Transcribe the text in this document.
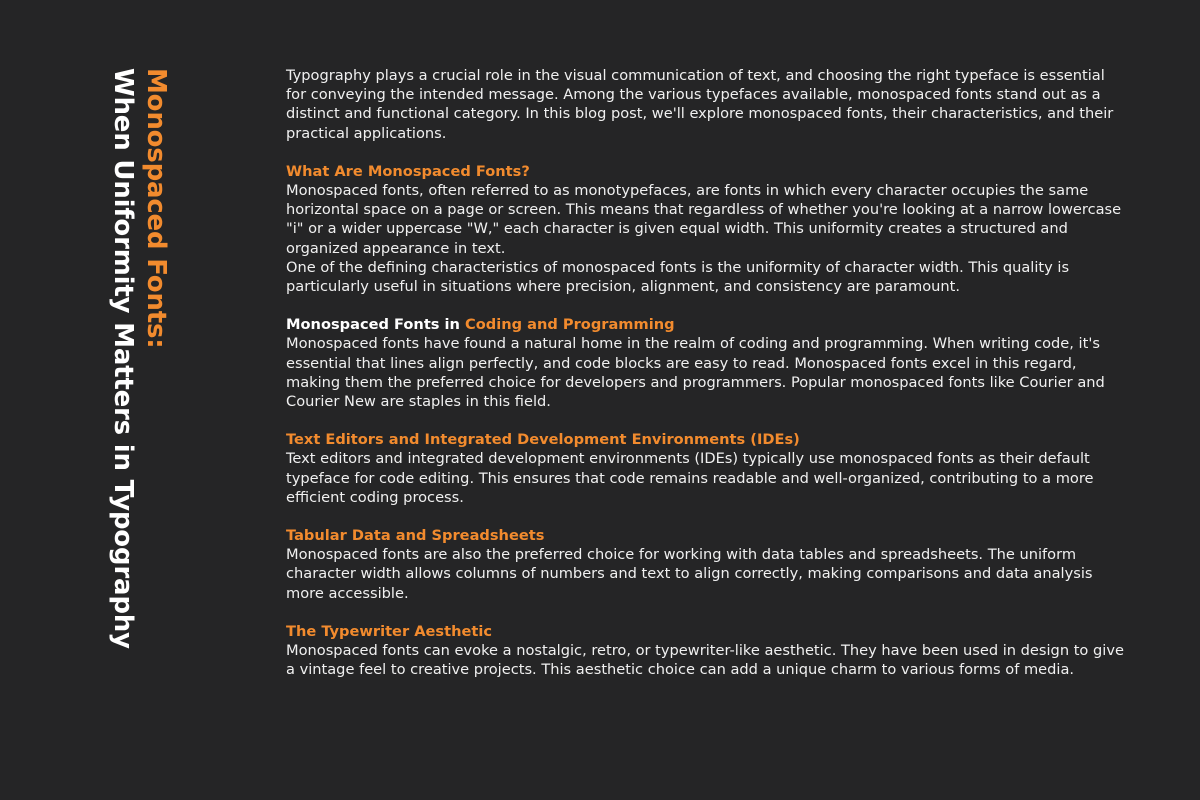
Monospaced Fonts:
When Uniformity Matters in Typography	Typography plays a crucial role in the visual communication of text, and choosing the right typeface is essential for conveying the intended message. Among the various typefaces available, monospaced fonts stand out as a distinct and functional category. In this blog post, we'll explore monospaced fonts, their characteristics, and their practical applications.

What Are Monospaced Fonts?

Monospaced fonts, often referred to as monotypefaces, are fonts in which every character occupies the same horizontal space on a page or screen. This means that regardless of whether you're looking at a narrow lowercase "i" or a wider uppercase "W," each character is given equal width. This uniformity creates a structured and organized appearance in text.

One of the defining characteristics of monospaced fonts is the uniformity of character width. This quality is particularly useful in situations where precision, alignment, and consistency are paramount.

Monospaced Fonts in Coding and Programming

Monospaced fonts have found a natural home in the realm of coding and programming. When writing code, it's essential that lines align perfectly, and code blocks are easy to read. Monospaced fonts excel in this regard, making them the preferred choice for developers and programmers. Popular monospaced fonts like Courier and Courier New are staples in this field.

Text Editors and Integrated Development Environments (IDEs)

Text editors and integrated development environments (IDEs) typically use monospaced fonts as their default typeface for code editing. This ensures that code remains readable and well-organized, contributing to a more efficient coding process.

Tabular Data and Spreadsheets

Monospaced fonts are also the preferred choice for working with data tables and spreadsheets. The uniform character width allows columns of numbers and text to align correctly, making comparisons and data analysis more accessible.

The Typewriter Aesthetic

Monospaced fonts can evoke a nostalgic, retro, or typewriter-like aesthetic. They have been used in design to give a vintage feel to creative projects. This aesthetic choice can add a unique charm to various forms of media.
